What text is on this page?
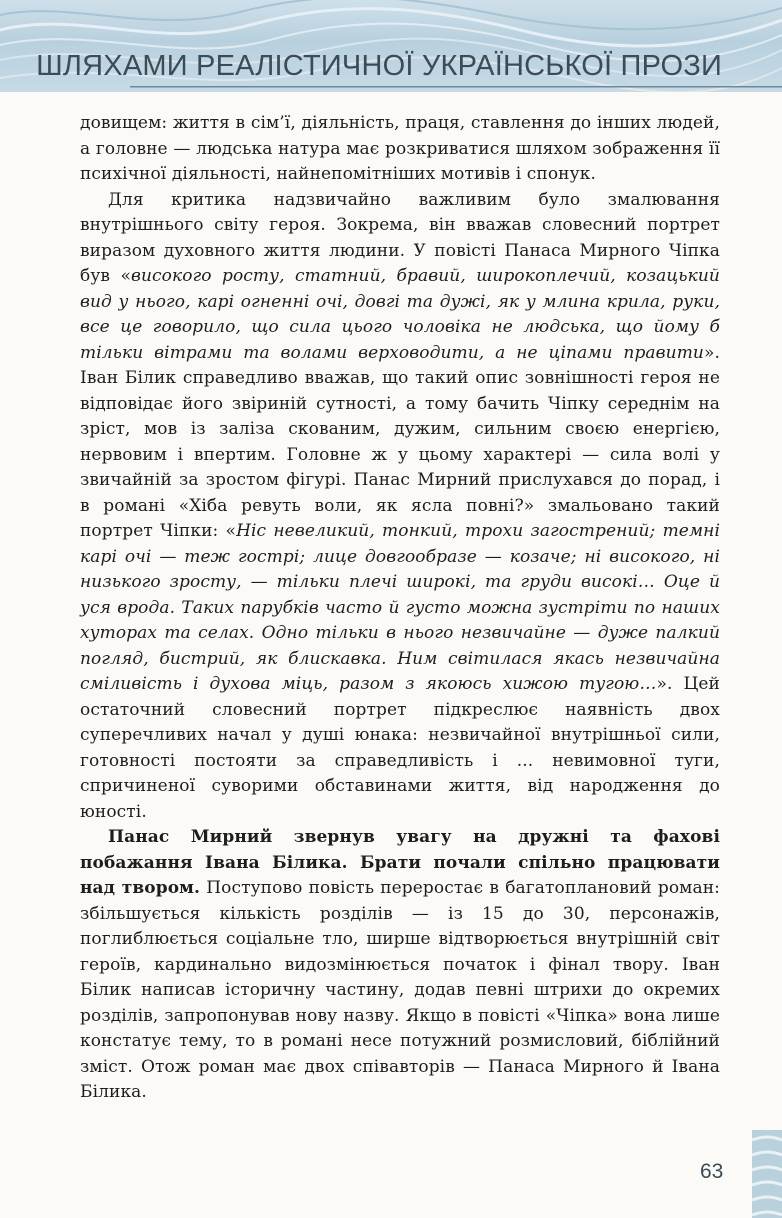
ШЛЯХАМИ РЕАЛІСТИЧНОЇ УКРАЇНСЬКОЇ ПРОЗИ

довищем: життя в сім’ї, діяльність, праця, ставлення до інших людей, а головне — людська натура має розкриватися шляхом зображення її психічної діяльності, найнепомітніших мотивів і спонук.

Для критика надзвичайно важливим було змалювання внутрішнього світу героя. Зокрема, він вважав словесний портрет виразом духовного життя людини. У повісті Панаса Мирного Чіпка був «високого росту, статний, бравий, широкоплечий, козацький вид у нього, карі огненні очі, довгі та дужі, як у млина крила, руки, все це говорило, що сила цього чоловіка не людська, що йому б тільки вітрами та волами верховодити, а не ціпами правити». Іван Білик справедливо вважав, що такий опис зовнішності героя не відповідає його звіриній сутності, а тому бачить Чіпку середнім на зріст, мов із заліза скованим, дужим, сильним своєю енергією, нервовим і впертим. Головне ж у цьому характері — сила волі у звичайній за зростом фігурі. Панас Мирний прислухався до порад, і в романі «Хіба ревуть воли, як ясла повні?» змальовано такий портрет Чіпки: «Ніс невеликий, тонкий, трохи загострений; темні карі очі — теж гострі; лице довгообразе — козаче; ні високого, ні низького зросту, — тільки плечі широкі, та груди високі… Оце й уся врода. Таких парубків часто й густо можна зустріти по наших хуторах та селах. Одно тільки в нього незвичайне — дуже палкий погляд, бистрий, як блискавка. Ним світилася якась незвичайна сміливість і духова міць, разом з якоюсь хижою тугою…». Цей остаточний словесний портрет підкреслює наявність двох суперечливих начал у душі юнака: незвичайної внутрішньої сили, готовності постояти за справедливість і ... невимовної туги, спричиненої суворими обставинами життя, від народження до юності.

Панас Мирний звернув увагу на дружні та фахові побажання Івана Білика. Брати почали спільно працювати над твором. Поступово повість переростає в багатоплановий роман: збільшується кількість розділів — із 15 до 30, персонажів, поглиблюється соціальне тло, ширше відтворюється внутрішній світ героїв, кардинально видозмінюється початок і фінал твору. Іван Білик написав історичну частину, додав певні штрихи до окремих розділів, запропонував нову назву. Якщо в повісті «Чіпка» вона лише констатує тему, то в романі несе потужний розмисловий, біблійний зміст. Отож роман має двох співавторів — Панаса Мирного й Івана Білика.

63
